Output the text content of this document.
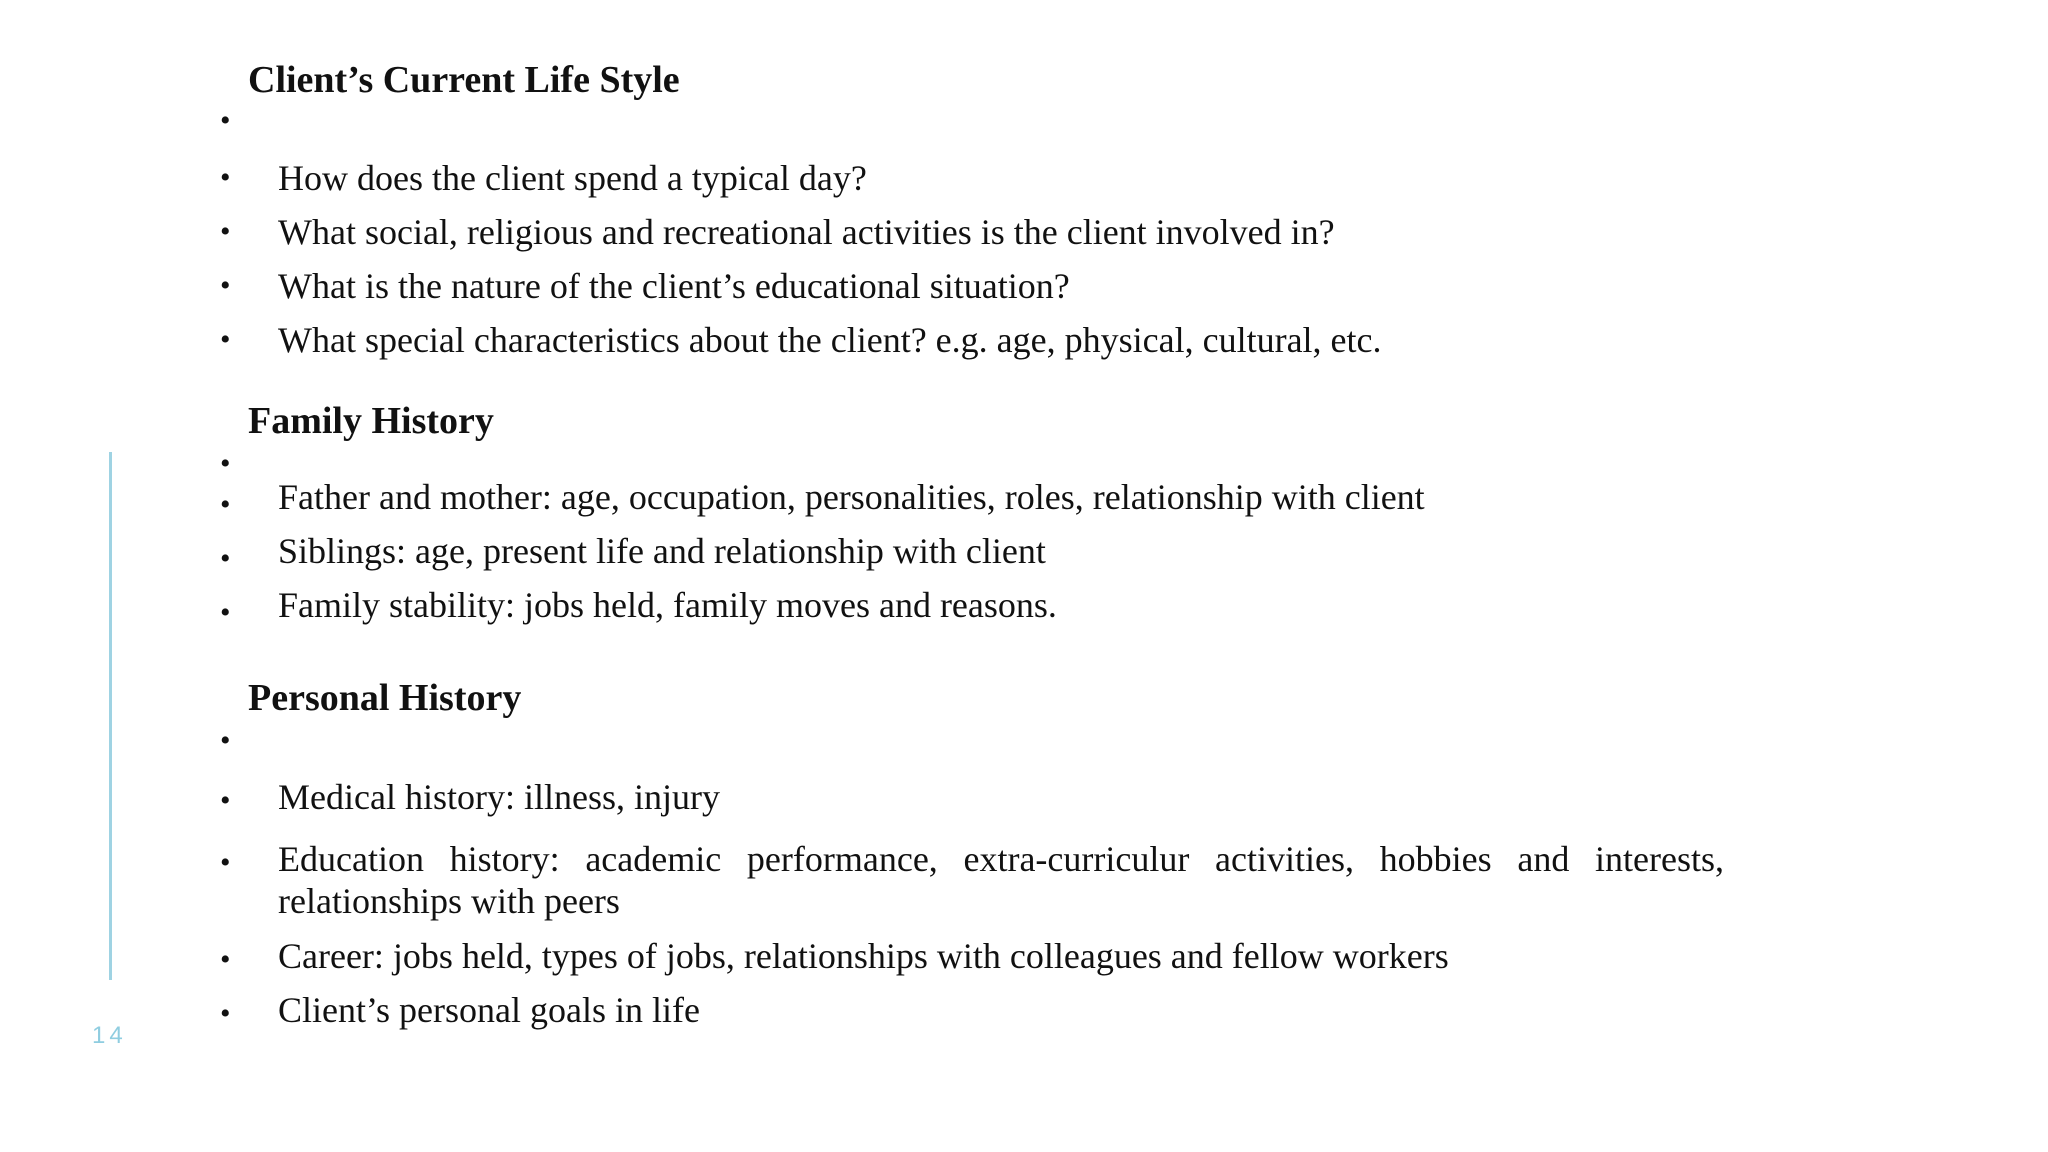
14
Client’s Current Life Style
•
• How does the client spend a typical day?
• What social, religious and recreational activities is the client involved in?
• What is the nature of the client’s educational situation?
• What special characteristics about the client? e.g. age, physical, cultural, etc.
Family History
•
• Father and mother: age, occupation, personalities, roles, relationship with client
• Siblings: age, present life and relationship with client
• Family stability: jobs held, family moves and reasons.
Personal History
•
• Medical history: illness, injury
• Education history: academic performance, extra-curriculur activities, hobbies and interests, relationships with peers
• Career: jobs held, types of jobs, relationships with colleagues and fellow workers
• Client’s personal goals in life
